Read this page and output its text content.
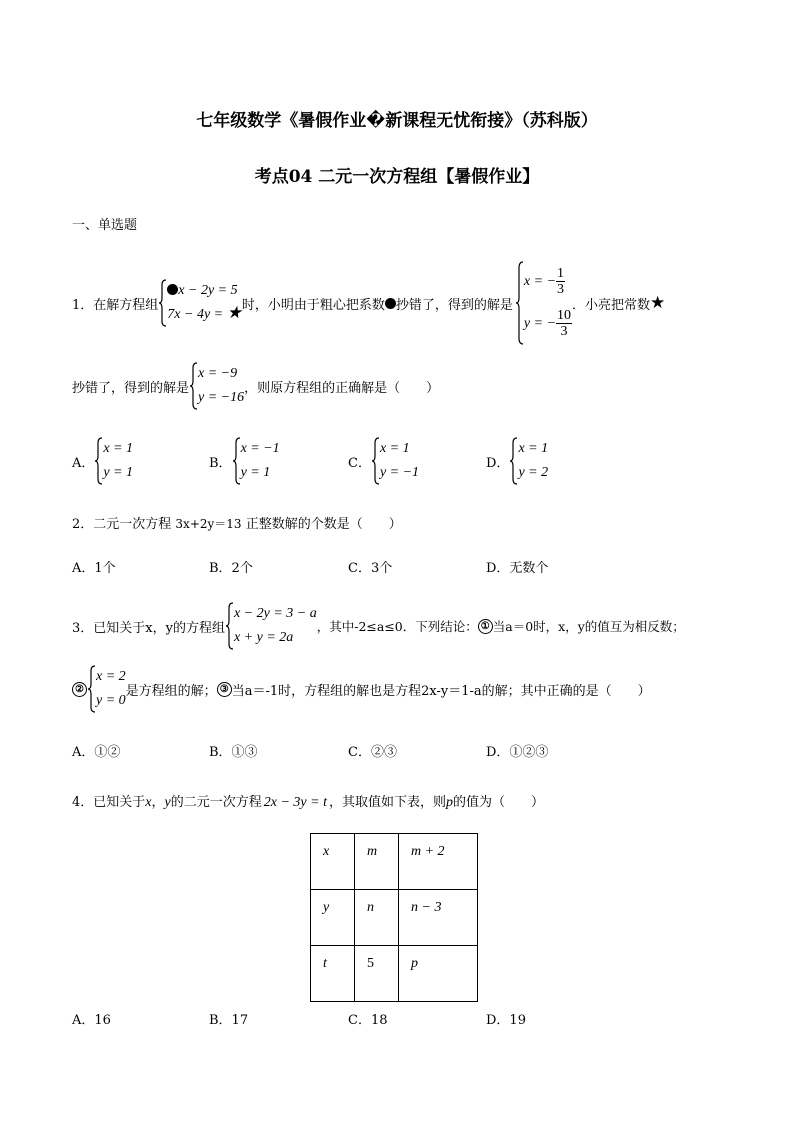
七年级数学《暑假作业�新课程无忧衔接》（苏科版）
考点04 二元一次方程组【暑假作业】
一、单选题
1． 在解方程组
x − 2y = 5
7x − 4y = ★ 时，小明由于粗心把系数 抄错了，得到的解是
x = − $\frac{1}{3}$
y = − $\frac{10}{3}$
．小亮把常数 ★
抄错了，得到的解是
x = −9
y = −16
，则原方程组的正确解是（　　）
A．
x = 1
y = 1
B．
x = −1
y = 1
C．
x = 1
y = −1
D．
x = 1
y = 2
2．二元一次方程 3x+2y＝13 正整数解的个数是（　　）
A．1个	B．2个	C．3个	D．无数个
3．已知关于x，y的方程组
x − 2y = 3 − a
x + y = 2a
，其中-2≤a≤0．下列结论： ① 当a＝0时，x，y的值互为相反数；
②
x = 2
y = 0
是方程组的解； ③ 当a＝-1时，方程组的解也是方程2x-y＝1-a的解；其中正确的是（　　）
A．①②	B．①③	C．②③	D．①②③
4．已知关于x，y的二元一次方程 2x − 3y = t ，其取值如下表，则p的值为（　　）
x	m	m + 2
y	n	n − 3
t	5	p
A．16	B．17	C．18	D．19
